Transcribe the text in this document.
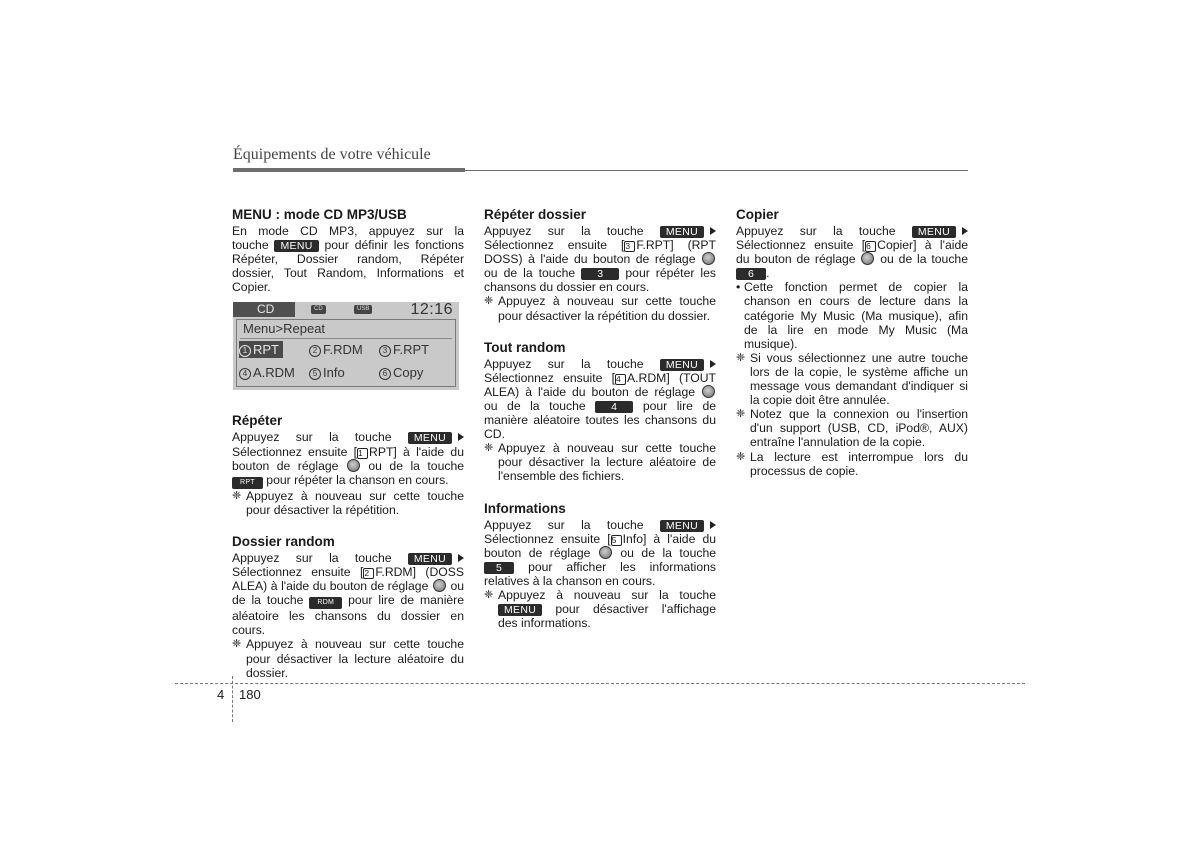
Équipements de votre véhicule
MENU : mode CD MP3/USB
En mode CD MP3, appuyez sur la
touche MENU pour définir les fonctions
Répéter, Dossier random, Répéter
dossier, Tout Random, Informations et
Copier.
CD	CD	USB	12:16
Menu>Repeat
1 RPT	2 F.RDM	3 F.RPT
4 A.RDM	5 Info	6 Copy
Répéter
Appuyez sur la touche MENU
Sélectionnez ensuite [1 RPT] à l'aide du
bouton de réglage ou de la touche
RPT pour répéter la chanson en cours.
❈ Appuyez à nouveau sur cette touche pour désactiver la répétition.
Dossier random
Appuyez sur la touche MENU
Sélectionnez ensuite [2 F.RDM] (DOSS
ALEA) à l'aide du bouton de réglage ou
de la touche RDM pour lire de manière
aléatoire les chansons du dossier en cours.
❈ Appuyez à nouveau sur cette touche pour désactiver la lecture aléatoire du dossier.
Répéter dossier
Appuyez sur la touche MENU
Sélectionnez ensuite [3 F.RPT] (RPT
DOSS) à l'aide du bouton de réglage
ou de la touche 3 pour répéter les
chansons du dossier en cours.
❈ Appuyez à nouveau sur cette touche pour désactiver la répétition du dossier.
Tout random
Appuyez sur la touche MENU
Sélectionnez ensuite [4 A.RDM] (TOUT
ALEA) à l'aide du bouton de réglage
ou de la touche 4 pour lire de
manière aléatoire toutes les chansons du
CD.
❈ Appuyez à nouveau sur cette touche pour désactiver la lecture aléatoire de l'ensemble des fichiers.
Informations
Appuyez sur la touche MENU
Sélectionnez ensuite [5 Info] à l'aide du
bouton de réglage ou de la touche
5 pour afficher les informations
relatives à la chanson en cours.
❈ Appuyez à nouveau sur la touche
MENU pour désactiver l'affichage
des informations.
Copier
Appuyez sur la touche MENU
Sélectionnez ensuite [6 Copier] à l'aide
du bouton de réglage ou de la touche
6 .
• Cette fonction permet de copier la chanson en cours de lecture dans la catégorie My Music (Ma musique), afin de la lire en mode My Music (Ma musique).
❈ Si vous sélectionnez une autre touche lors de la copie, le système affiche un message vous demandant d'indiquer si la copie doit être annulée.
❈ Notez que la connexion ou l'insertion d'un support (USB, CD, iPod®, AUX) entraîne l'annulation de la copie.
❈ La lecture est interrompue lors du processus de copie.
4 180
